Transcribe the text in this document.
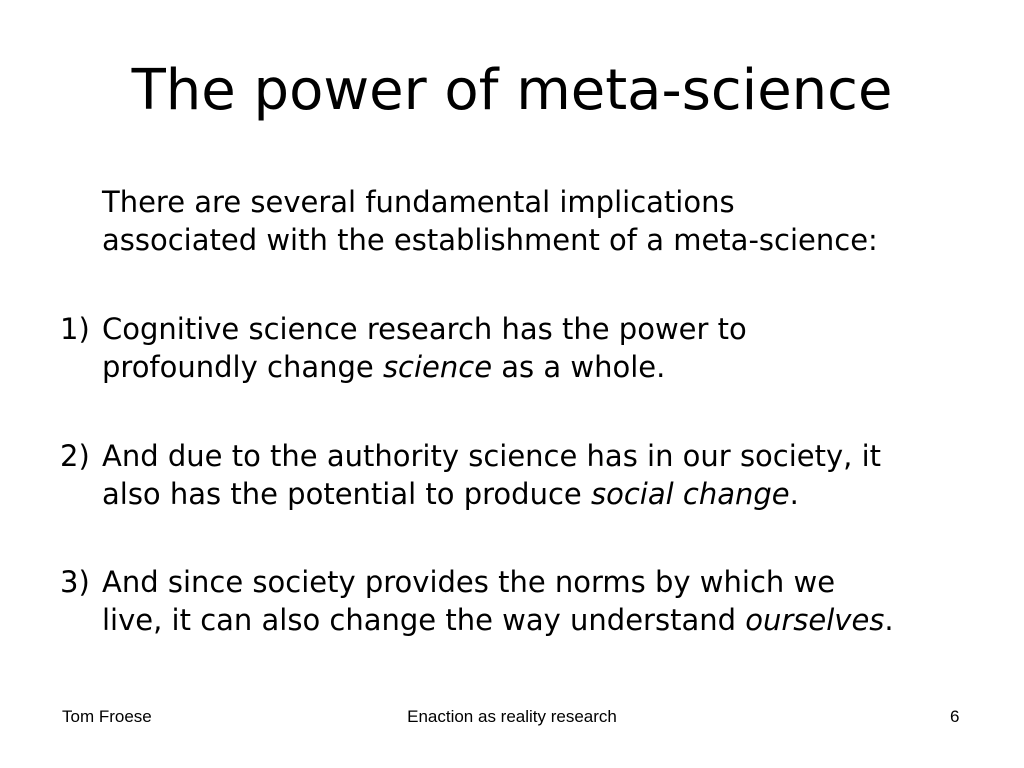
The power of meta-science
There are several fundamental implications
associated with the establishment of a meta-science:
1) Cognitive science research has the power to
profoundly change science as a whole.
2) And due to the authority science has in our society, it
also has the potential to produce social change.
3) And since society provides the norms by which we
live, it can also change the way understand ourselves.
Tom Froese	Enaction as reality research	6
